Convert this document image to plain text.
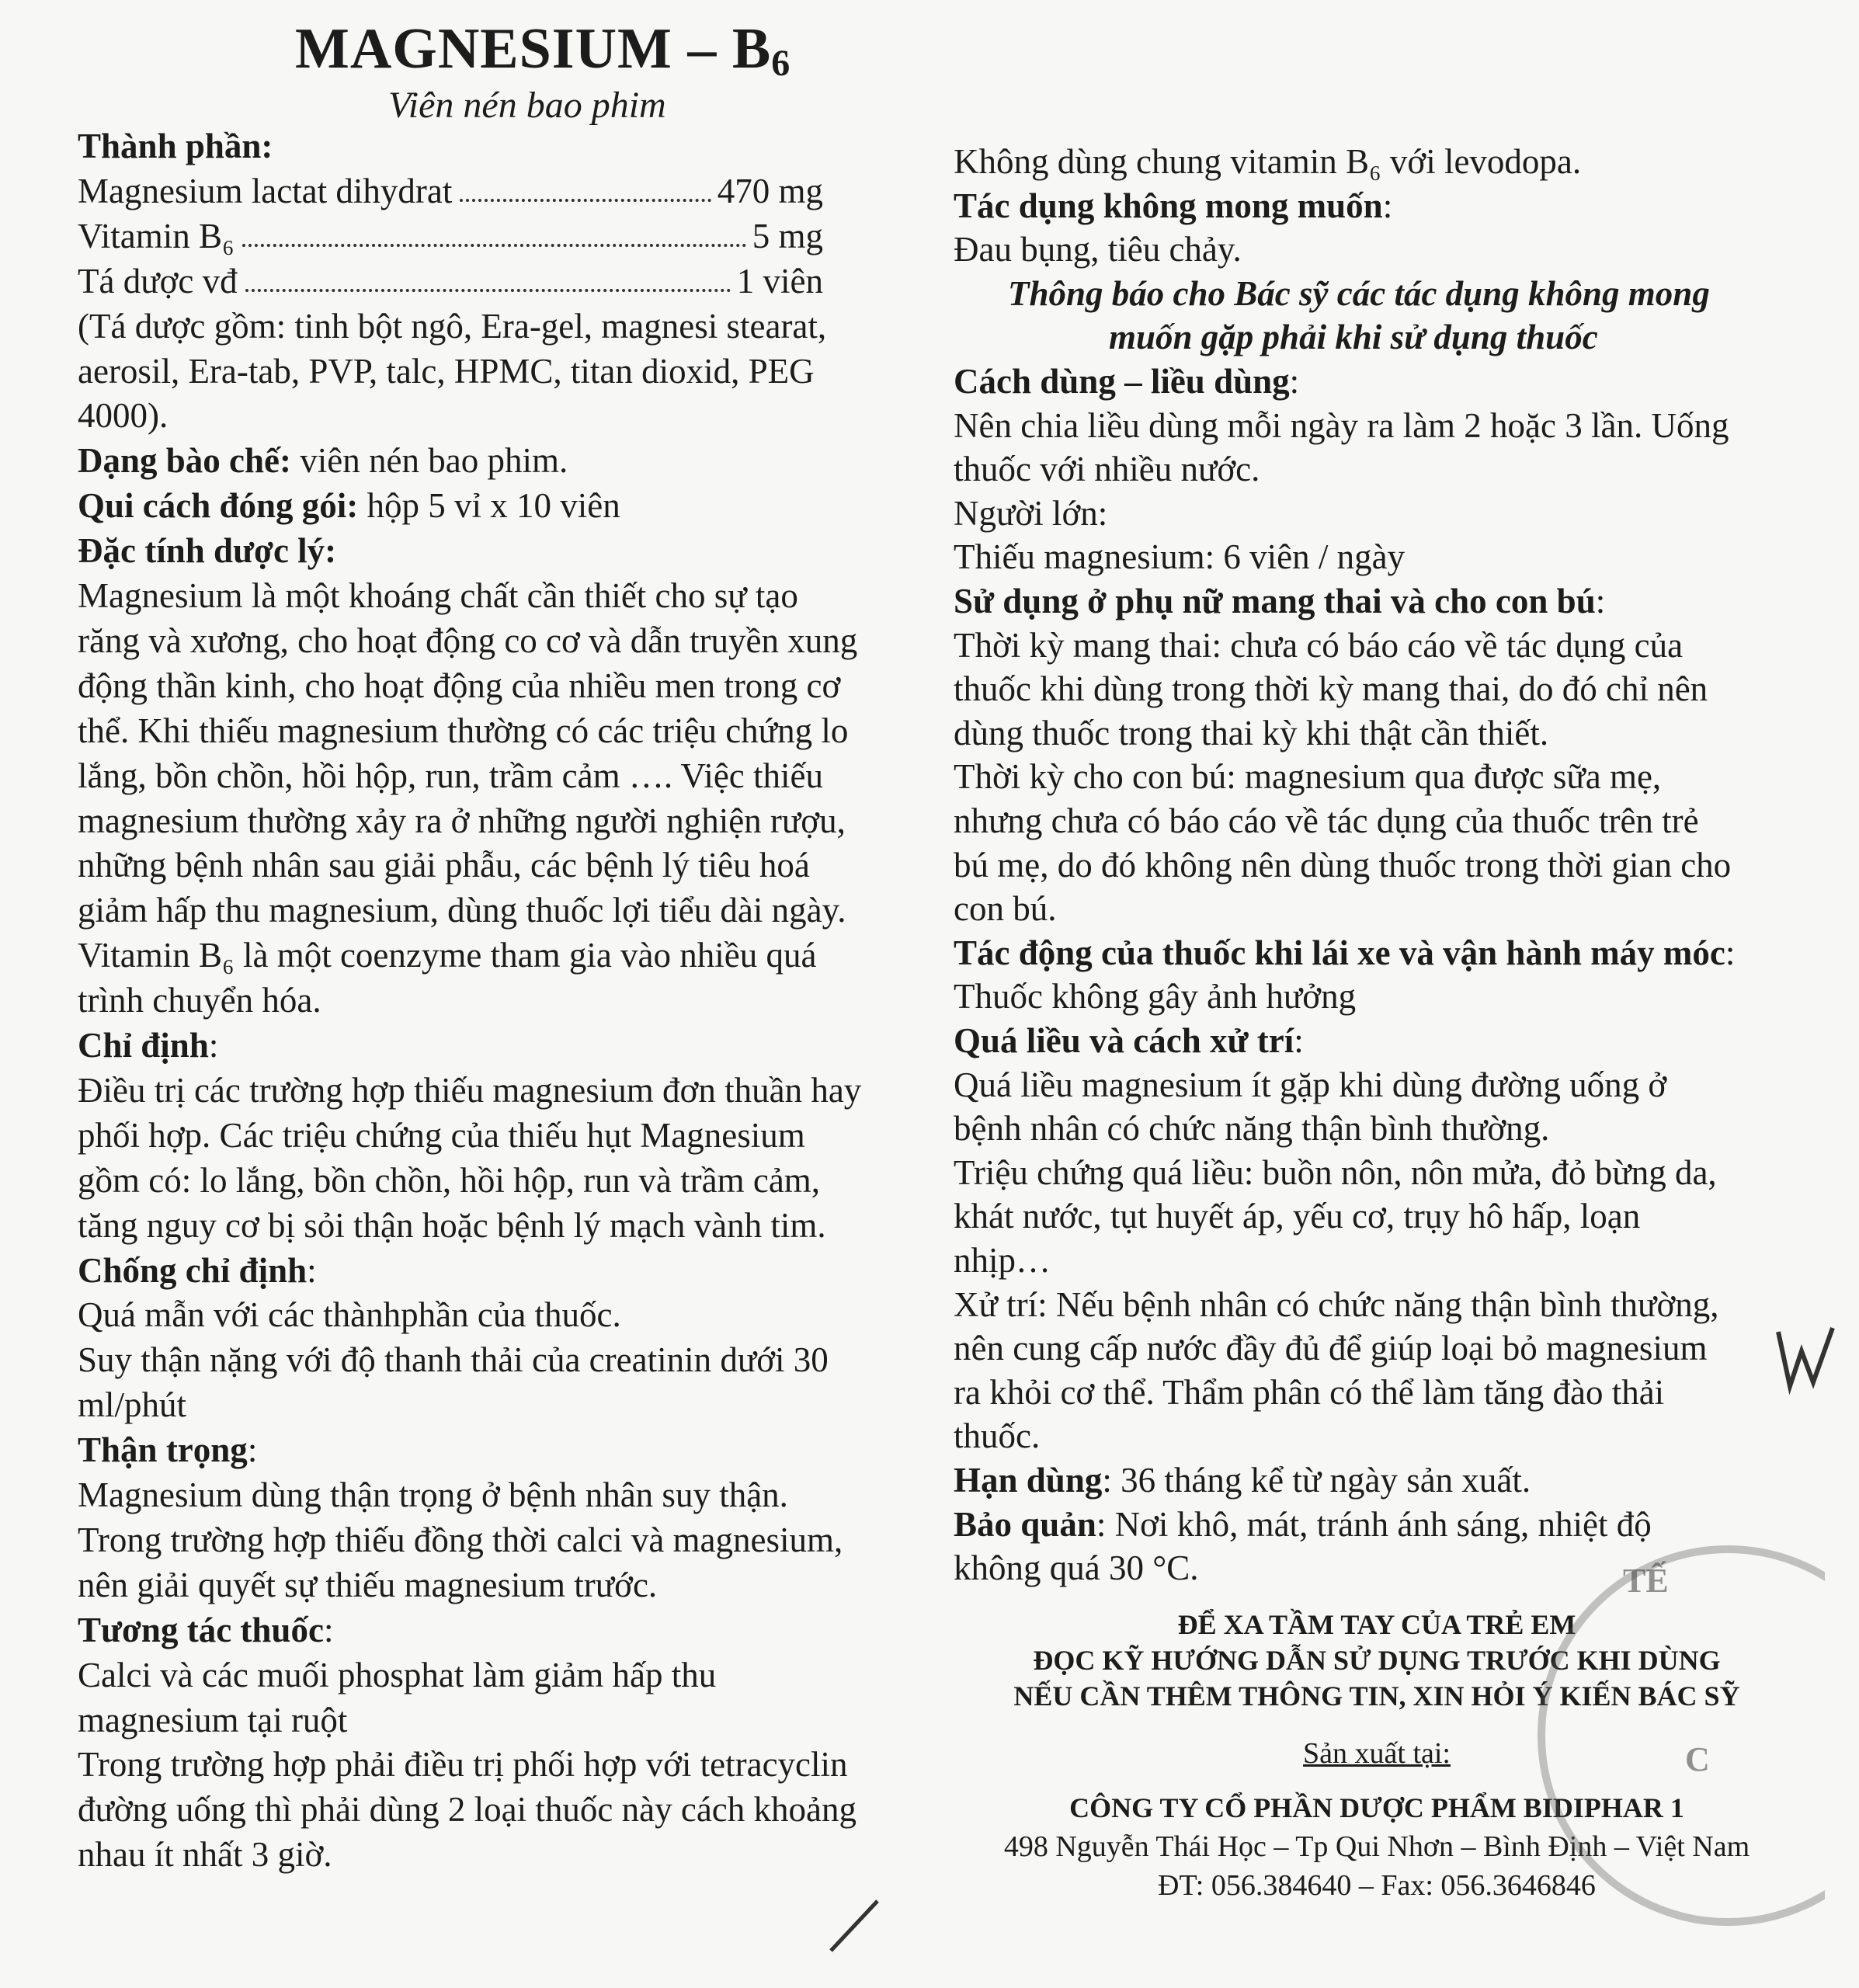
MAGNESIUM – $B_6$
Viên nén bao phim
Thành phần:
Magnesium lactat dihydrat	470 mg
Vitamin B₆	5 mg
Tá dược vđ	1 viên
(Tá dược gồm: tinh bột ngô, Era-gel, magnesi stearat,
aerosil, Era-tab, PVP, talc, HPMC, titan dioxid, PEG
4000).
Dạng bào chế: viên nén bao phim.
Qui cách đóng gói: hộp 5 vỉ x 10 viên
Đặc tính dược lý:
Magnesium là một khoáng chất cần thiết cho sự tạo
răng và xương, cho hoạt động co cơ và dẫn truyền xung
động thần kinh, cho hoạt động của nhiều men trong cơ
thể. Khi thiếu magnesium thường có các triệu chứng lo
lắng, bồn chồn, hồi hộp, run, trầm cảm …. Việc thiếu
magnesium thường xảy ra ở những người nghiện rượu,
những bệnh nhân sau giải phẫu, các bệnh lý tiêu hoá
giảm hấp thu magnesium, dùng thuốc lợi tiểu dài ngày.
Vitamin B₆ là một coenzyme tham gia vào nhiều quá
trình chuyển hóa.
Chỉ định:
Điều trị các trường hợp thiếu magnesium đơn thuần hay
phối hợp. Các triệu chứng của thiếu hụt Magnesium
gồm có: lo lắng, bồn chồn, hồi hộp, run và trầm cảm,
tăng nguy cơ bị sỏi thận hoặc bệnh lý mạch vành tim.
Chống chỉ định:
Quá mẫn với các thànhphần của thuốc.
Suy thận nặng với độ thanh thải của creatinin dưới 30
ml/phút
Thận trọng:
Magnesium dùng thận trọng ở bệnh nhân suy thận.
Trong trường hợp thiếu đồng thời calci và magnesium,
nên giải quyết sự thiếu magnesium trước.
Tương tác thuốc:
Calci và các muối phosphat làm giảm hấp thu
magnesium tại ruột
Trong trường hợp phải điều trị phối hợp với tetracyclin
đường uống thì phải dùng 2 loại thuốc này cách khoảng
nhau ít nhất 3 giờ.
Không dùng chung vitamin B₆ với levodopa.
Tác dụng không mong muốn:
Đau bụng, tiêu chảy.
Thông báo cho Bác sỹ các tác dụng không mong
muốn gặp phải khi sử dụng thuốc
Cách dùng – liều dùng:
Nên chia liều dùng mỗi ngày ra làm 2 hoặc 3 lần. Uống
thuốc với nhiều nước.
Người lớn:
Thiếu magnesium: 6 viên / ngày
Sử dụng ở phụ nữ mang thai và cho con bú:
Thời kỳ mang thai: chưa có báo cáo về tác dụng của
thuốc khi dùng trong thời kỳ mang thai, do đó chỉ nên
dùng thuốc trong thai kỳ khi thật cần thiết.
Thời kỳ cho con bú: magnesium qua được sữa mẹ,
nhưng chưa có báo cáo về tác dụng của thuốc trên trẻ
bú mẹ, do đó không nên dùng thuốc trong thời gian cho
con bú.
Tác động của thuốc khi lái xe và vận hành máy móc:
Thuốc không gây ảnh hưởng
Quá liều và cách xử trí:
Quá liều magnesium ít gặp khi dùng đường uống ở
bệnh nhân có chức năng thận bình thường.
Triệu chứng quá liều: buồn nôn, nôn mửa, đỏ bừng da,
khát nước, tụt huyết áp, yếu cơ, trụy hô hấp, loạn
nhịp…
Xử trí: Nếu bệnh nhân có chức năng thận bình thường,
nên cung cấp nước đầy đủ để giúp loại bỏ magnesium
ra khỏi cơ thể. Thẩm phân có thể làm tăng đào thải
thuốc.
Hạn dùng: 36 tháng kể từ ngày sản xuất.
Bảo quản: Nơi khô, mát, tránh ánh sáng, nhiệt độ
không quá 30 °C.
ĐỂ XA TẦM TAY CỦA TRẺ EM
ĐỌC KỸ HƯỚNG DẪN SỬ DỤNG TRƯỚC KHI DÙNG
NẾU CẦN THÊM THÔNG TIN, XIN HỎI Ý KIẾN BÁC SỸ
Sản xuất tại:
CÔNG TY CỔ PHẦN DƯỢC PHẨM BIDIPHAR 1
498 Nguyễn Thái Học – Tp Qui Nhơn – Bình Định – Việt Nam
ĐT: 056.384640 – Fax: 056.3646846
TẾ
C
